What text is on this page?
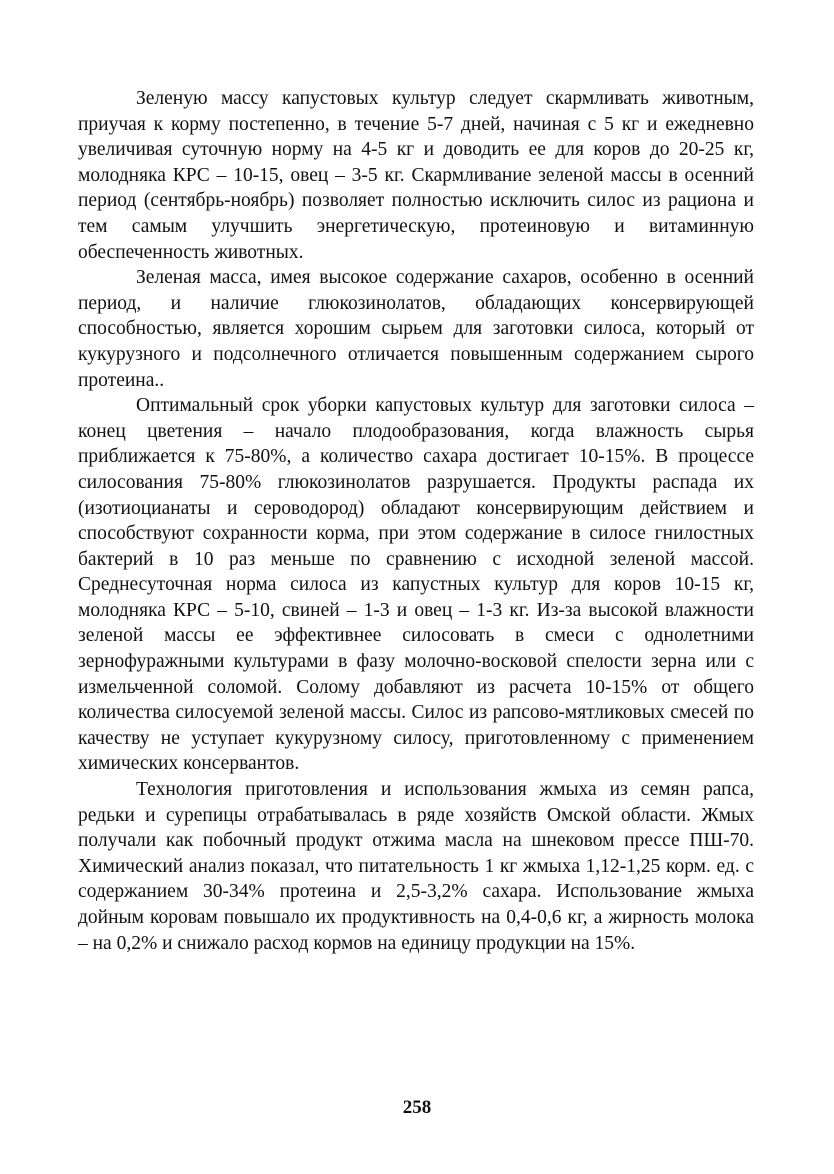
Зеленую массу капустовых культур следует скармливать животным, приучая к корму постепенно, в течение 5-7 дней, начиная с 5 кг и ежедневно увеличивая суточную норму на 4-5 кг и доводить ее для коров до 20-25 кг, молодняка КРС – 10-15, овец – 3-5 кг. Скармливание зеленой массы в осенний период (сентябрь-ноябрь) позволяет полностью исключить силос из рациона и тем самым улучшить энергетическую, протеиновую и витаминную обеспеченность животных.

Зеленая масса, имея высокое содержание сахаров, особенно в осенний период, и наличие глюкозинолатов, обладающих консервирующей способностью, является хорошим сырьем для заготовки силоса, который от кукурузного и подсолнечного отличается повышенным содержанием сырого протеина..

Оптимальный срок уборки капустовых культур для заготовки силоса – конец цветения – начало плодообразования, когда влажность сырья приближается к 75-80%, а количество сахара достигает 10-15%. В процессе силосования 75-80% глюкозинолатов разрушается. Продукты распада их (изотиоцианаты и сероводород) обладают консервирующим действием и способствуют сохранности корма, при этом содержание в силосе гнилостных бактерий в 10 раз меньше по сравнению с исходной зеленой массой. Среднесуточная норма силоса из капустных культур для коров 10-15 кг, молодняка КРС – 5-10, свиней – 1-3 и овец – 1-3 кг. Из-за высокой влажности зеленой массы ее эффективнее силосовать в смеси с однолетними зернофуражными культурами в фазу молочно-восковой спелости зерна или с измельченной соломой. Солому добавляют из расчета 10-15% от общего количества силосуемой зеленой массы. Силос из рапсово-мятликовых смесей по качеству не уступает кукурузному силосу, приготовленному с применением химических консервантов.

Технология приготовления и использования жмыха из семян рапса, редьки и сурепицы отрабатывалась в ряде хозяйств Омской области. Жмых получали как побочный продукт отжима масла на шнековом прессе ПШ-70. Химический анализ показал, что питательность 1 кг жмыха 1,12-1,25 корм. ед. с содержанием 30-34% протеина и 2,5-3,2% сахара. Использование жмыха дойным коровам повышало их продуктивность на 0,4-0,6 кг, а жирность молока – на 0,2% и снижало расход кормов на единицу продукции на 15%.

258
